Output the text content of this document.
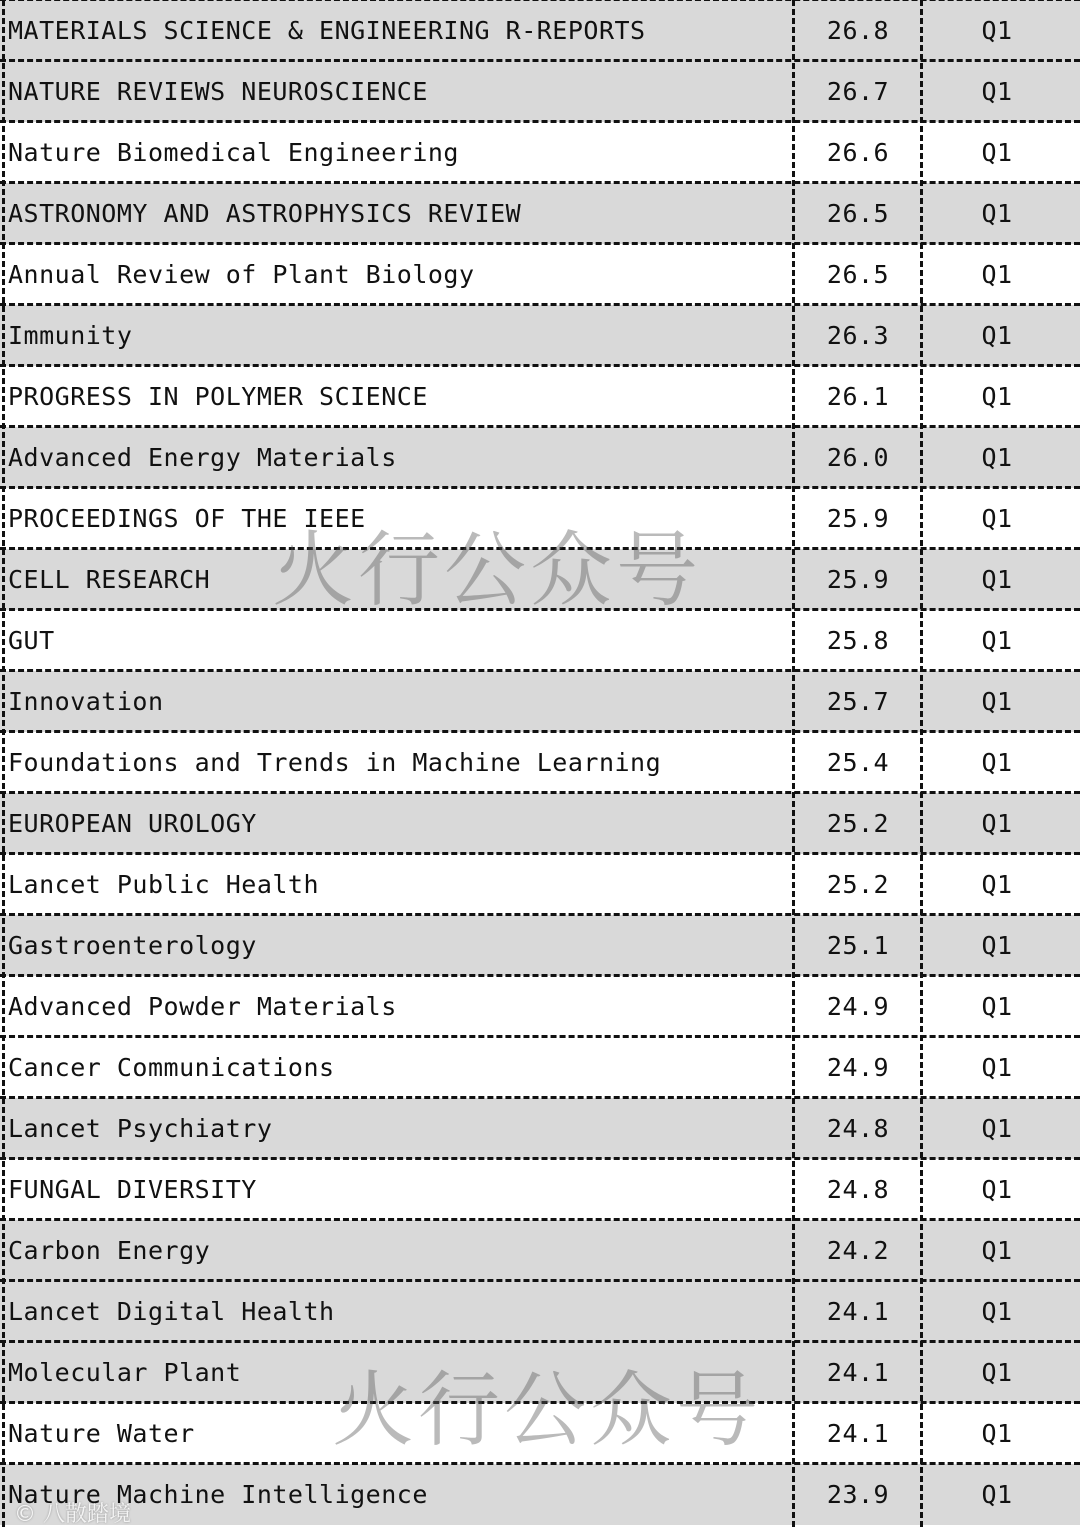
MATERIALS SCIENCE & ENGINEERING R-REPORTS	26.8	Q1
NATURE REVIEWS NEUROSCIENCE	26.7	Q1
Nature Biomedical Engineering	26.6	Q1
ASTRONOMY AND ASTROPHYSICS REVIEW	26.5	Q1
Annual Review of Plant Biology	26.5	Q1
Immunity	26.3	Q1
PROGRESS IN POLYMER SCIENCE	26.1	Q1
Advanced Energy Materials	26.0	Q1
PROCEEDINGS OF THE IEEE	25.9	Q1
CELL RESEARCH	25.9	Q1
GUT	25.8	Q1
Innovation	25.7	Q1
Foundations and Trends in Machine Learning	25.4	Q1
EUROPEAN UROLOGY	25.2	Q1
Lancet Public Health	25.2	Q1
Gastroenterology	25.1	Q1
Advanced Powder Materials	24.9	Q1
Cancer Communications	24.9	Q1
Lancet Psychiatry	24.8	Q1
FUNGAL DIVERSITY	24.8	Q1
Carbon Energy	24.2	Q1
Lancet Digital Health	24.1	Q1
Molecular Plant	24.1	Q1
Nature Water	24.1	Q1
Nature Machine Intelligence	23.9	Q1
火行公众号
火行公众号
© 八散踏境
